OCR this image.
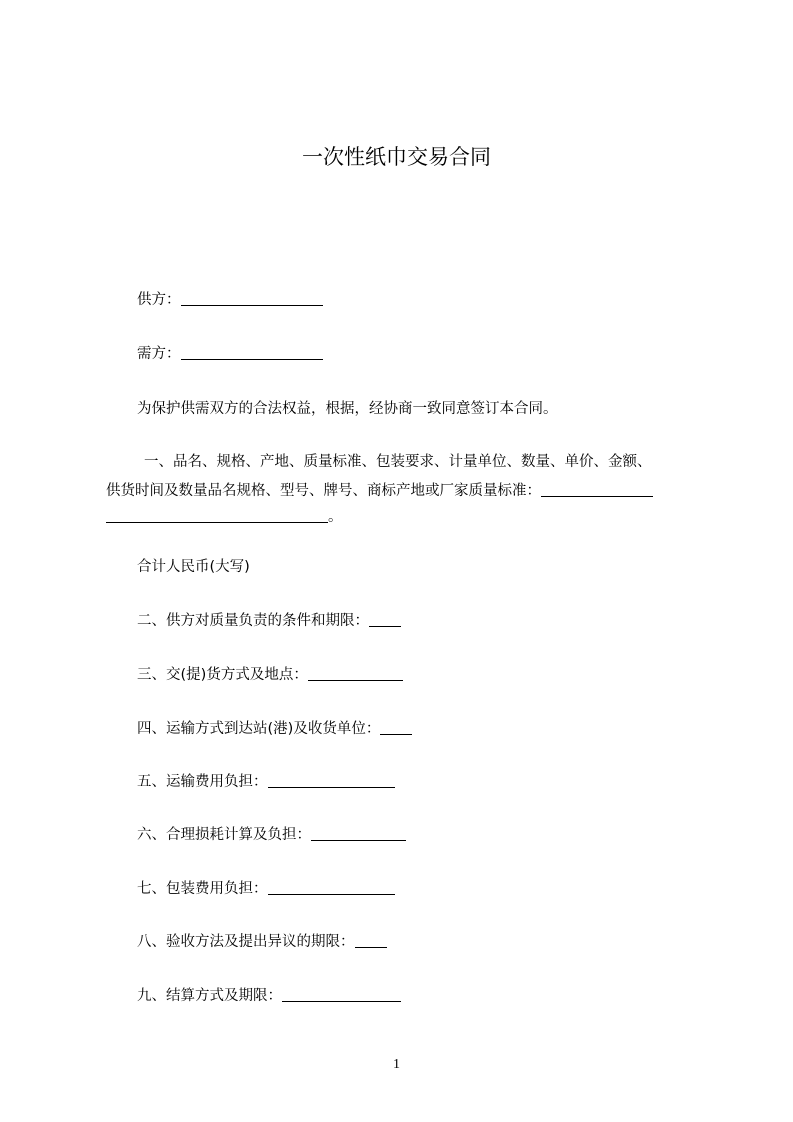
一次性纸巾交易合同
供方：
需方：
为保护供需双方的合法权益，根据，经协商一致同意签订本合同。
一、品名、规格、产地、质量标准、包装要求、计量单位、数量、单价、金额、
供货时间及数量品名规格、型号、牌号、商标产地或厂家质量标准：
。
合计人民币(大写)
二、供方对质量负责的条件和期限：
三、交(提)货方式及地点：
四、运输方式到达站(港)及收货单位：
五、运输费用负担：
六、合理损耗计算及负担：
七、包装费用负担：
八、验收方法及提出异议的期限：
九、结算方式及期限：
1
